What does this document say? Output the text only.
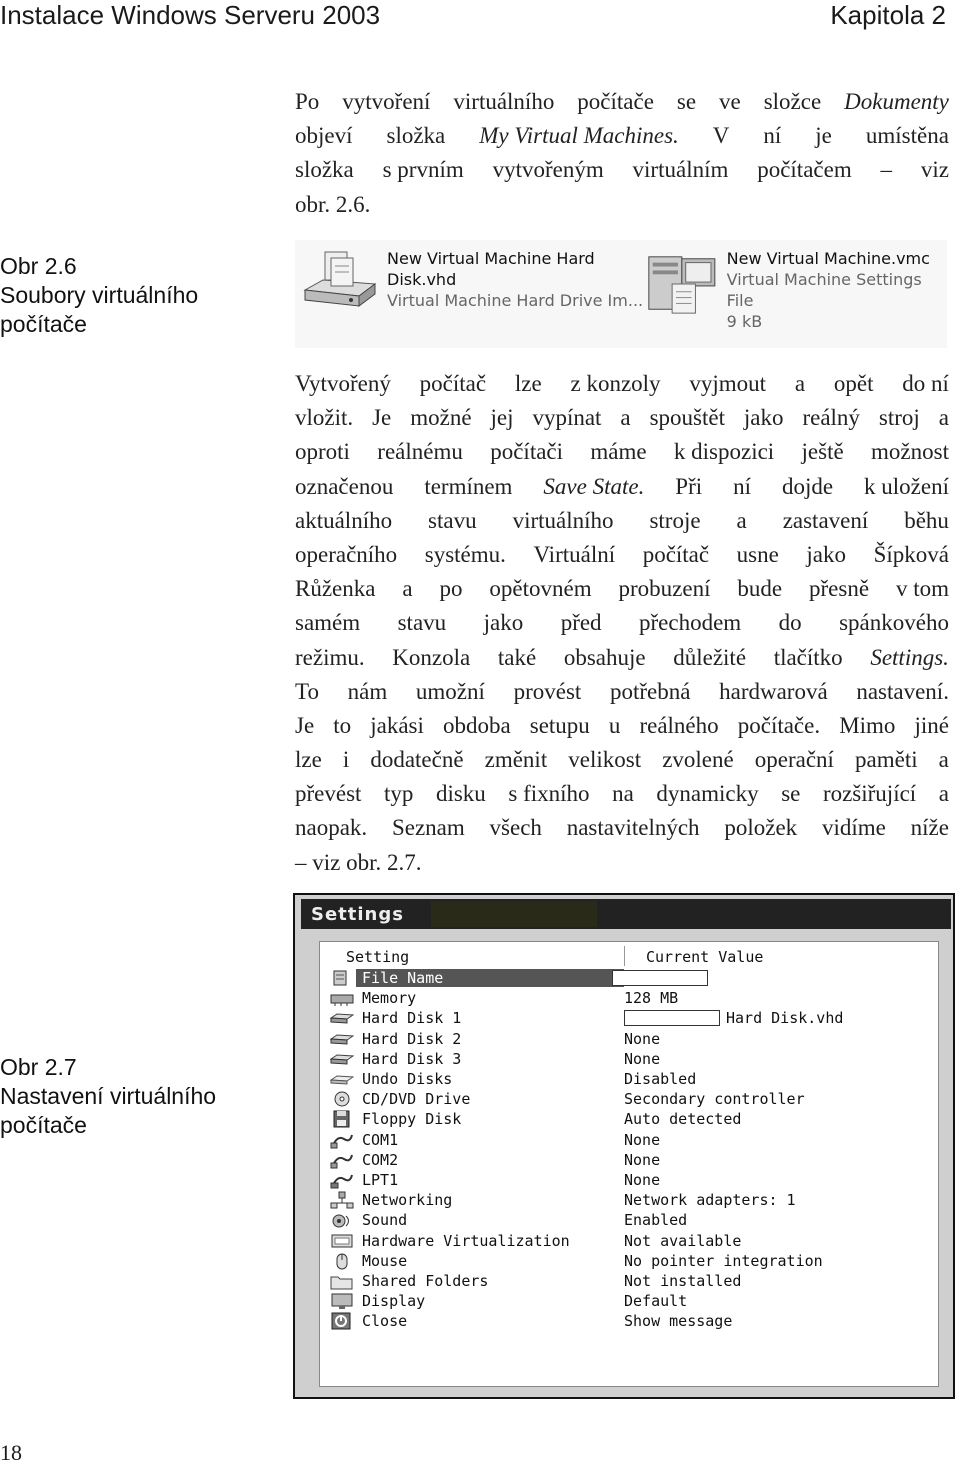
Instalace Windows Serveru 2003	Kapitola 2
Po vytvoření virtuálního počítače se ve složce Dokumenty
objeví složka My Virtual Machines. V ní je umístěna
složka s prvním vytvořeným virtuálním počítačem – viz
obr. 2.6.
Obr 2.6
Soubory virtuálního
počítače
New Virtual Machine Hard
Disk.vhd
Virtual Machine Hard Drive Im...
New Virtual Machine.vmc
Virtual Machine Settings File
9 kB
Vytvořený počítač lze z konzoly vyjmout a opět do ní
vložit. Je možné jej vypínat a spouštět jako reálný stroj a
oproti reálnému počítači máme k dispozici ještě možnost
označenou termínem Save State. Při ní dojde k uložení
aktuálního stavu virtuálního stroje a zastavení běhu
operačního systému. Virtuální počítač usne jako Šípková
Růženka a po opětovném probuzení bude přesně v tom
samém stavu jako před přechodem do spánkového
režimu. Konzola také obsahuje důležité tlačítko Settings.
To nám umožní provést potřebná hardwarová nastavení.
Je to jakási obdoba setupu u reálného počítače. Mimo jiné
lze i dodatečně změnit velikost zvolené operační paměti a
převést typ disku s fixního na dynamicky se rozšiřující a
naopak. Seznam všech nastavitelných položek vidíme níže
– viz obr. 2.7.
Obr 2.7
Nastavení virtuálního
počítače
Settings
Setting	Current Value
File Name
Memory	128 MB
Hard Disk 1	Hard Disk.vhd
Hard Disk 2	None
Hard Disk 3	None
Undo Disks	Disabled
CD/DVD Drive	Secondary controller
Floppy Disk	Auto detected
COM1	None
COM2	None
LPT1	None
Networking	Network adapters: 1
Sound	Enabled
Hardware Virtualization	Not available
Mouse	No pointer integration
Shared Folders	Not installed
Display	Default
Close	Show message
18
